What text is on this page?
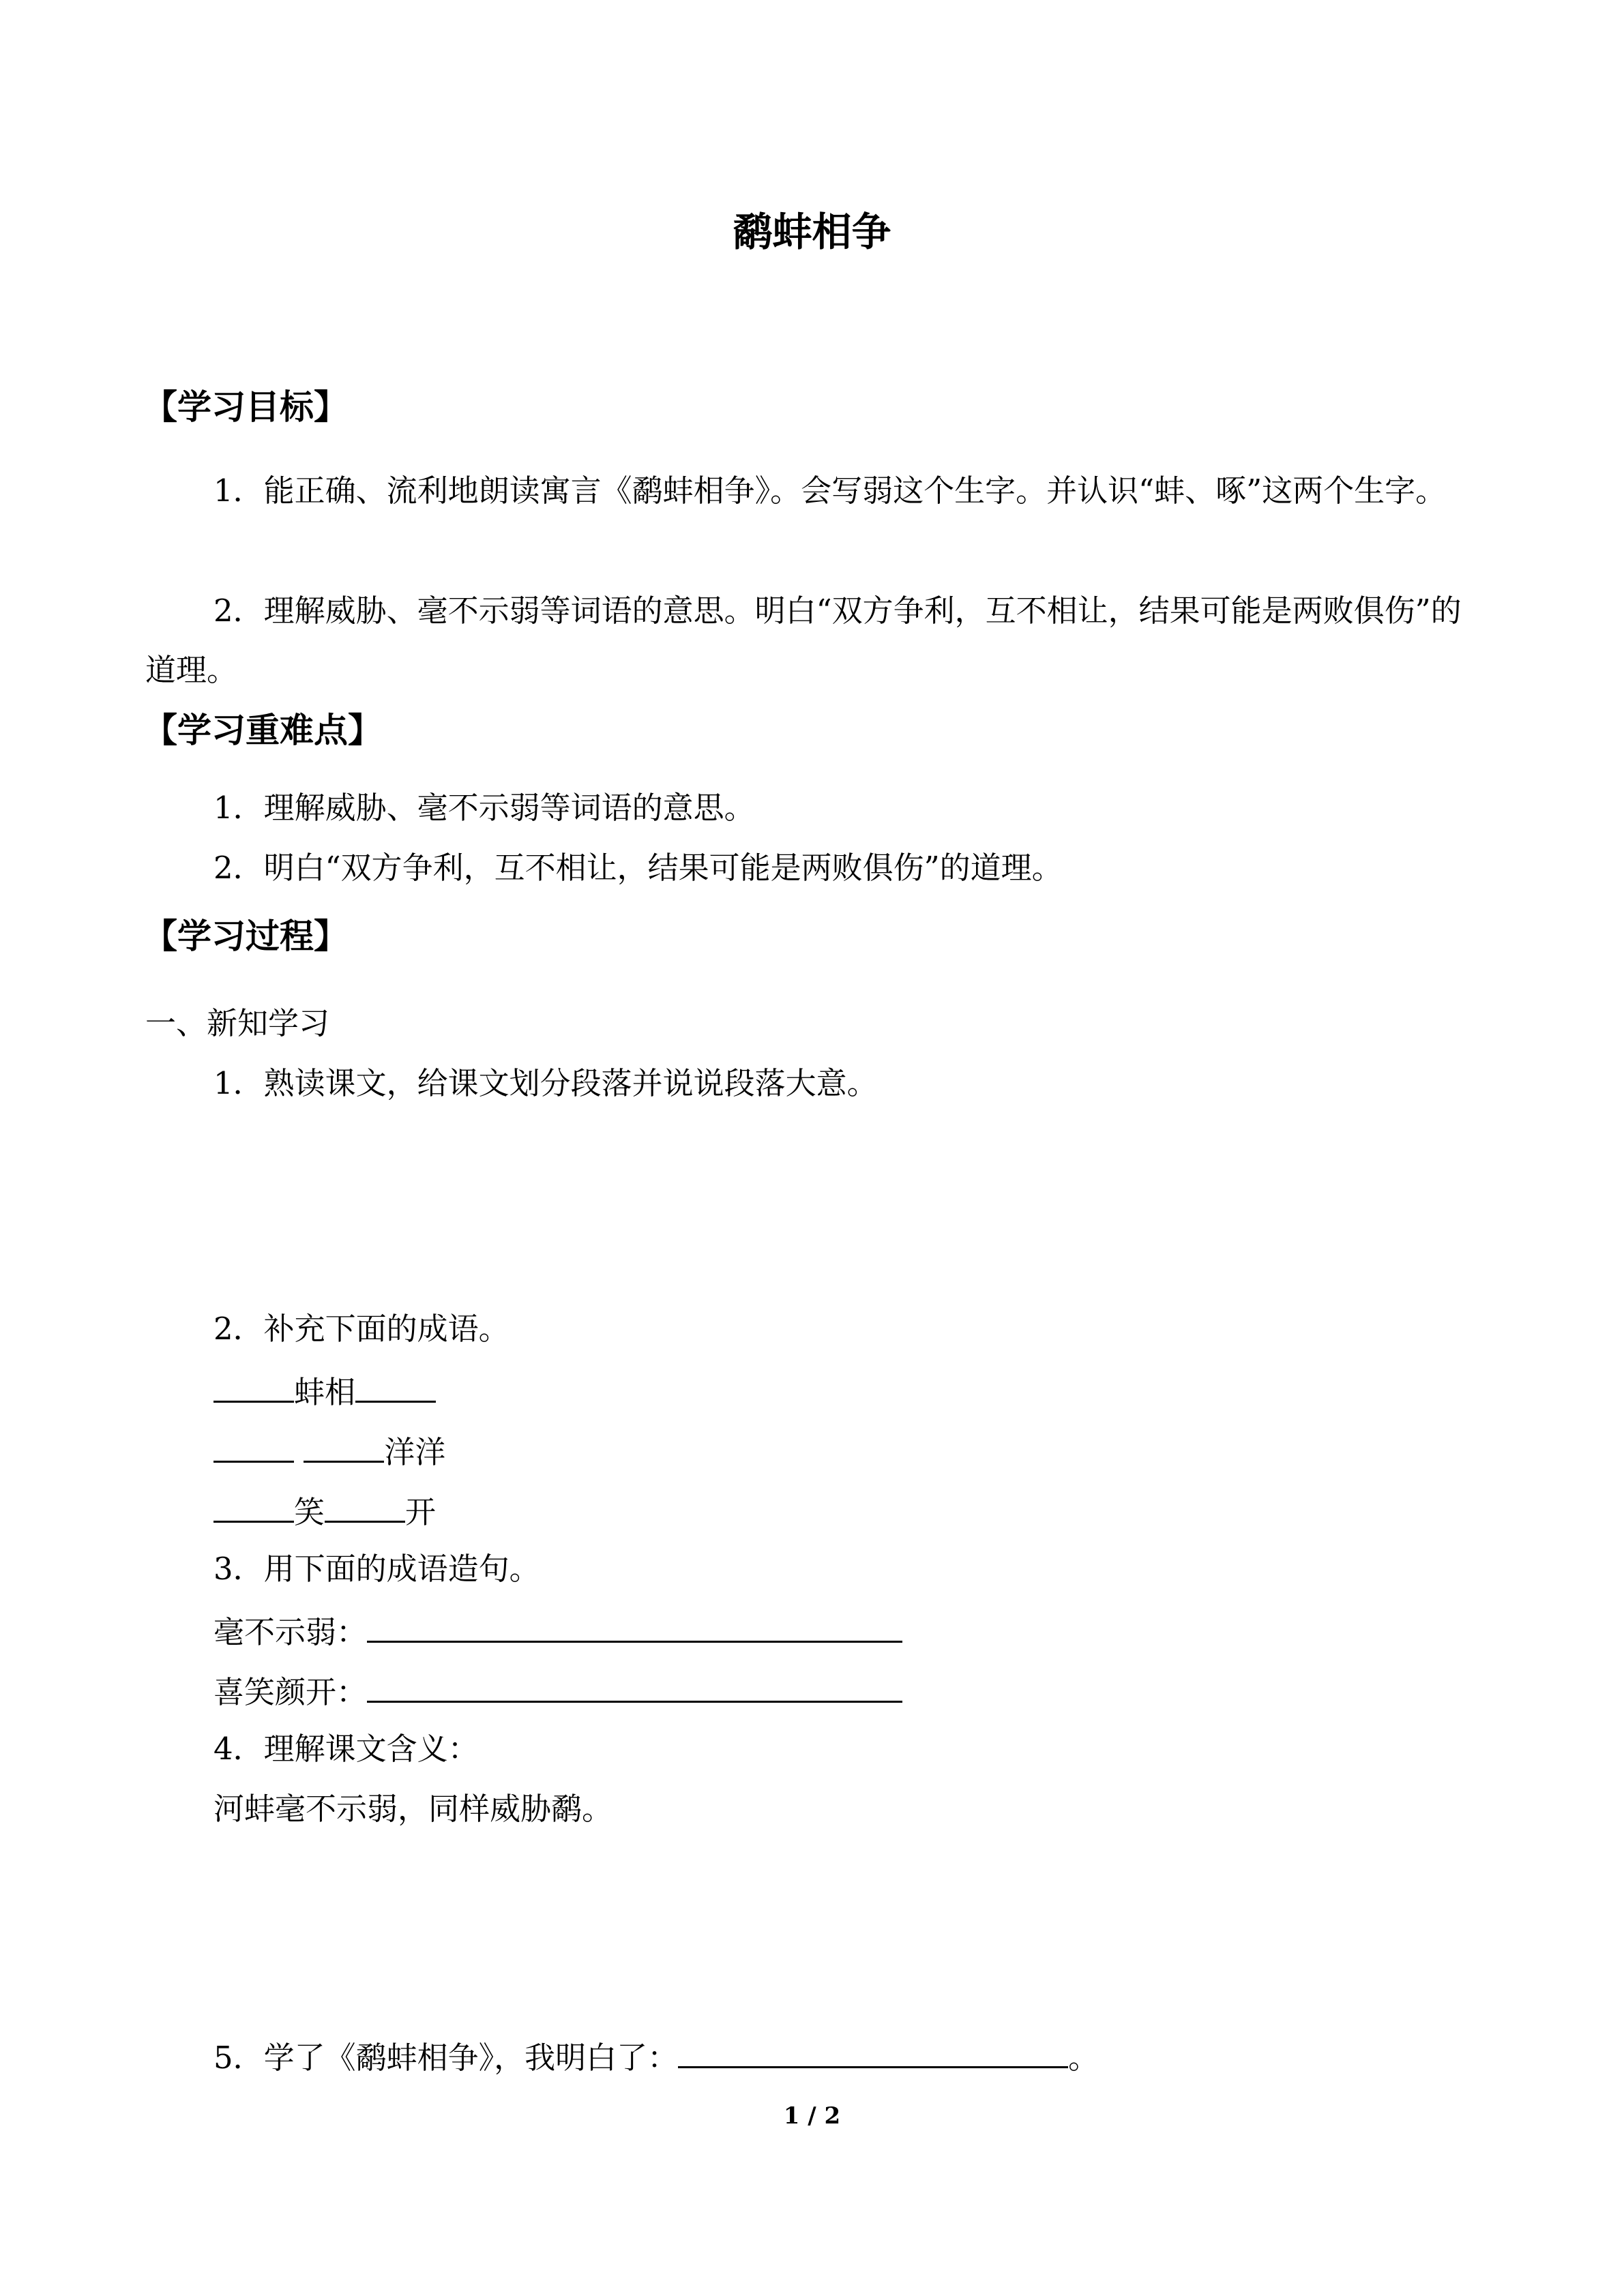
鹬蚌相争
【学习目标】
1．能正确、流利地朗读寓言《鹬蚌相争》。会写弱这个生字。并认识“蚌、啄”这两个生字。
2．理解威胁、毫不示弱等词语的意思。明白“双方争利，互不相让，结果可能是两败俱伤”的道理。
【学习重难点】
1．理解威胁、毫不示弱等词语的意思。
2．明白“双方争利，互不相让，结果可能是两败俱伤”的道理。
【学习过程】
一、新知学习
1．熟读课文，给课文划分段落并说说段落大意。
2．补充下面的成语。
蚌相
洋洋
笑	开
3．用下面的成语造句。
毫不示弱：
喜笑颜开：
4．理解课文含义：
河蚌毫不示弱，同样威胁鹬。
5．学了《鹬蚌相争》，我明白了：	。
1 / 2
